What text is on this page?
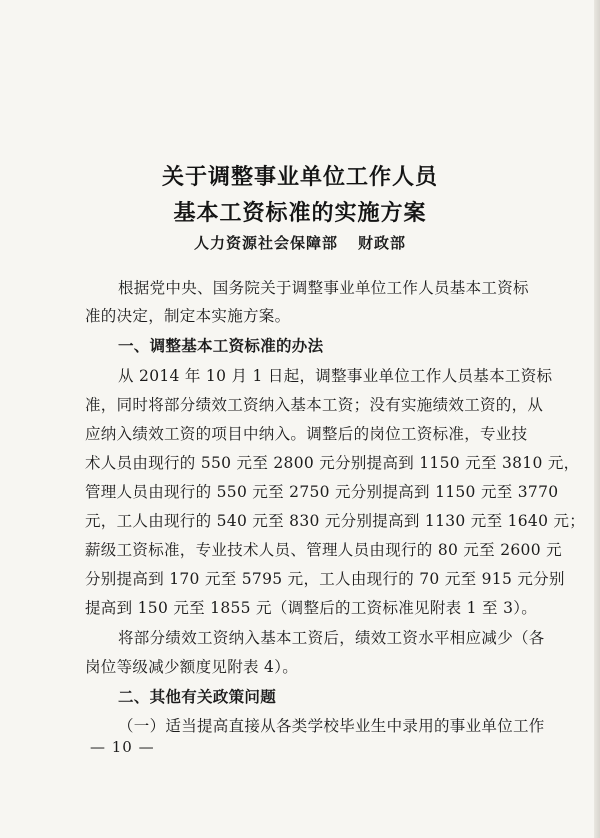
关于调整事业单位工作人员
基本工资标准的实施方案
人力资源社会保障部 财政部
根据党中央、国务院关于调整事业单位工作人员基本工资标
准的决定，制定本实施方案。
一、调整基本工资标准的办法
从 2014 年 10 月 1 日起，调整事业单位工作人员基本工资标
准，同时将部分绩效工资纳入基本工资；没有实施绩效工资的，从
应纳入绩效工资的项目中纳入。调整后的岗位工资标准，专业技
术人员由现行的 550 元至 2800 元分别提高到 1150 元至 3810 元，
管理人员由现行的 550 元至 2750 元分别提高到 1150 元至 3770
元，工人由现行的 540 元至 830 元分别提高到 1130 元至 1640 元；
薪级工资标准，专业技术人员、管理人员由现行的 80 元至 2600 元
分别提高到 170 元至 5795 元，工人由现行的 70 元至 915 元分别
提高到 150 元至 1855 元（调整后的工资标准见附表 1 至 3）。
将部分绩效工资纳入基本工资后，绩效工资水平相应减少（各
岗位等级减少额度见附表 4）。
二、其他有关政策问题
（一）适当提高直接从各类学校毕业生中录用的事业单位工作
— 10 —
